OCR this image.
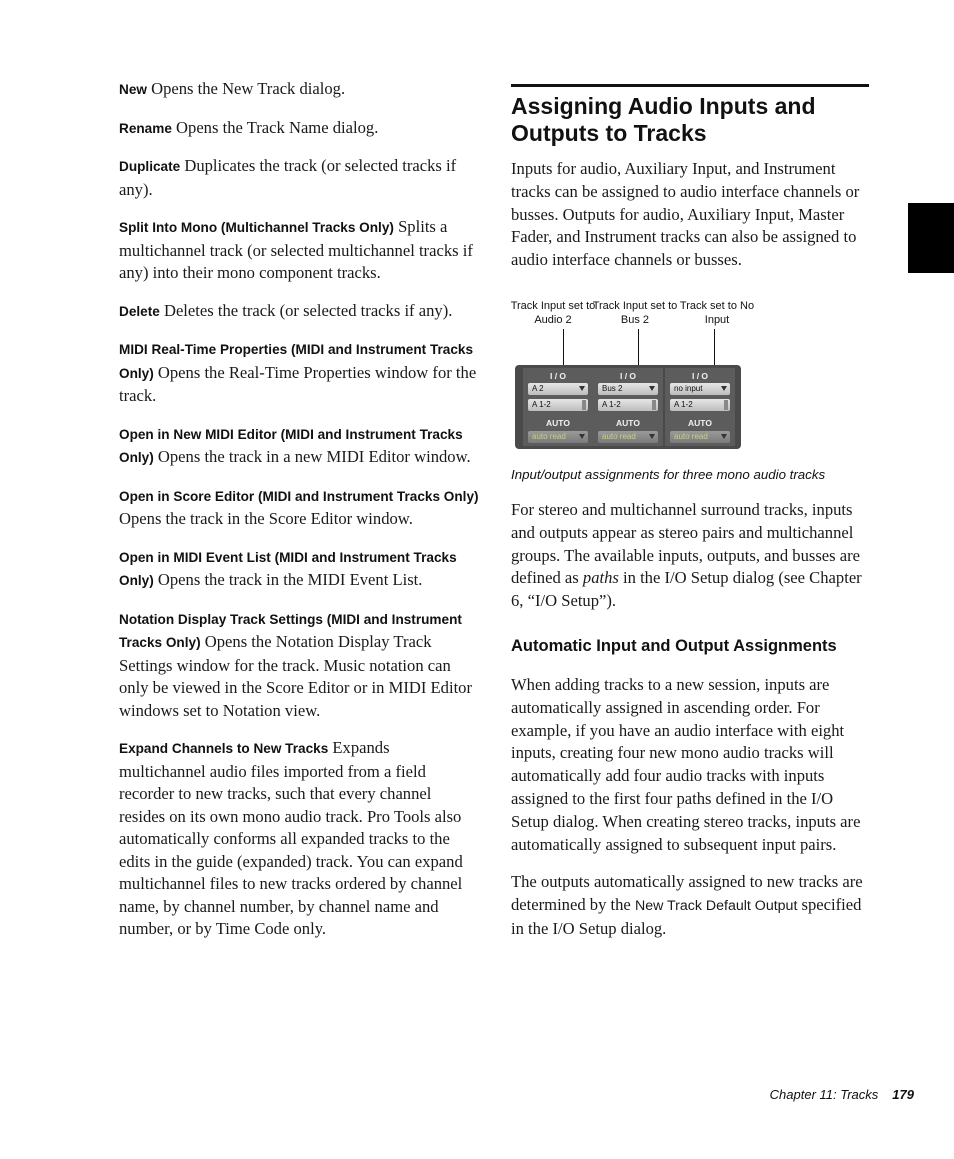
New Opens the New Track dialog.
Rename Opens the Track Name dialog.
Duplicate Duplicates the track (or selected tracks if any).
Split Into Mono (Multichannel Tracks Only) Splits a multichannel track (or selected multichannel tracks if any) into their mono component tracks.
Delete Deletes the track (or selected tracks if any).
MIDI Real-Time Properties (MIDI and Instrument Tracks Only) Opens the Real-Time Properties window for the track.
Open in New MIDI Editor (MIDI and Instrument Tracks Only) Opens the track in a new MIDI Editor window.
Open in Score Editor (MIDI and Instrument Tracks Only) Opens the track in the Score Editor window.
Open in MIDI Event List (MIDI and Instrument Tracks Only) Opens the track in the MIDI Event List.
Notation Display Track Settings (MIDI and Instrument Tracks Only) Opens the Notation Display Track Settings window for the track. Music notation can only be viewed in the Score Editor or in MIDI Editor windows set to Notation view.
Expand Channels to New Tracks Expands multichannel audio files imported from a field recorder to new tracks, such that every channel resides on its own mono audio track. Pro Tools also automatically conforms all expanded tracks to the edits in the guide (expanded) track. You can expand multichannel files to new tracks ordered by channel name, by channel number, by channel name and number, or by Time Code only.
Assigning Audio Inputs and Outputs to Tracks

Inputs for audio, Auxiliary Input, and Instrument tracks can be assigned to audio interface channels or busses. Outputs for audio, Auxiliary Input, Master Fader, and Instrument tracks can also be assigned to audio interface channels or busses.

Track Input set to Audio 2
Track Input set to Bus 2
Track set to No Input
I / O
A 2
A 1-2
AUTO
auto read
I / O
Bus 2
A 1-2
AUTO
auto read
I / O
no input
A 1-2
AUTO
auto read
Input/output assignments for three mono audio tracks

For stereo and multichannel surround tracks, inputs and outputs appear as stereo pairs and multichannel groups. The available inputs, outputs, and busses are defined as paths in the I/O Setup dialog (see Chapter 6, “I/O Setup”).

Automatic Input and Output Assignments

When adding tracks to a new session, inputs are automatically assigned in ascending order. For example, if you have an audio interface with eight inputs, creating four new mono audio tracks will automatically add four audio tracks with inputs assigned to the first four paths defined in the I/O Setup dialog. When creating stereo tracks, inputs are automatically assigned to subsequent input pairs.

The outputs automatically assigned to new tracks are determined by the New Track Default Output specified in the I/O Setup dialog.

Chapter 11: Tracks 179
